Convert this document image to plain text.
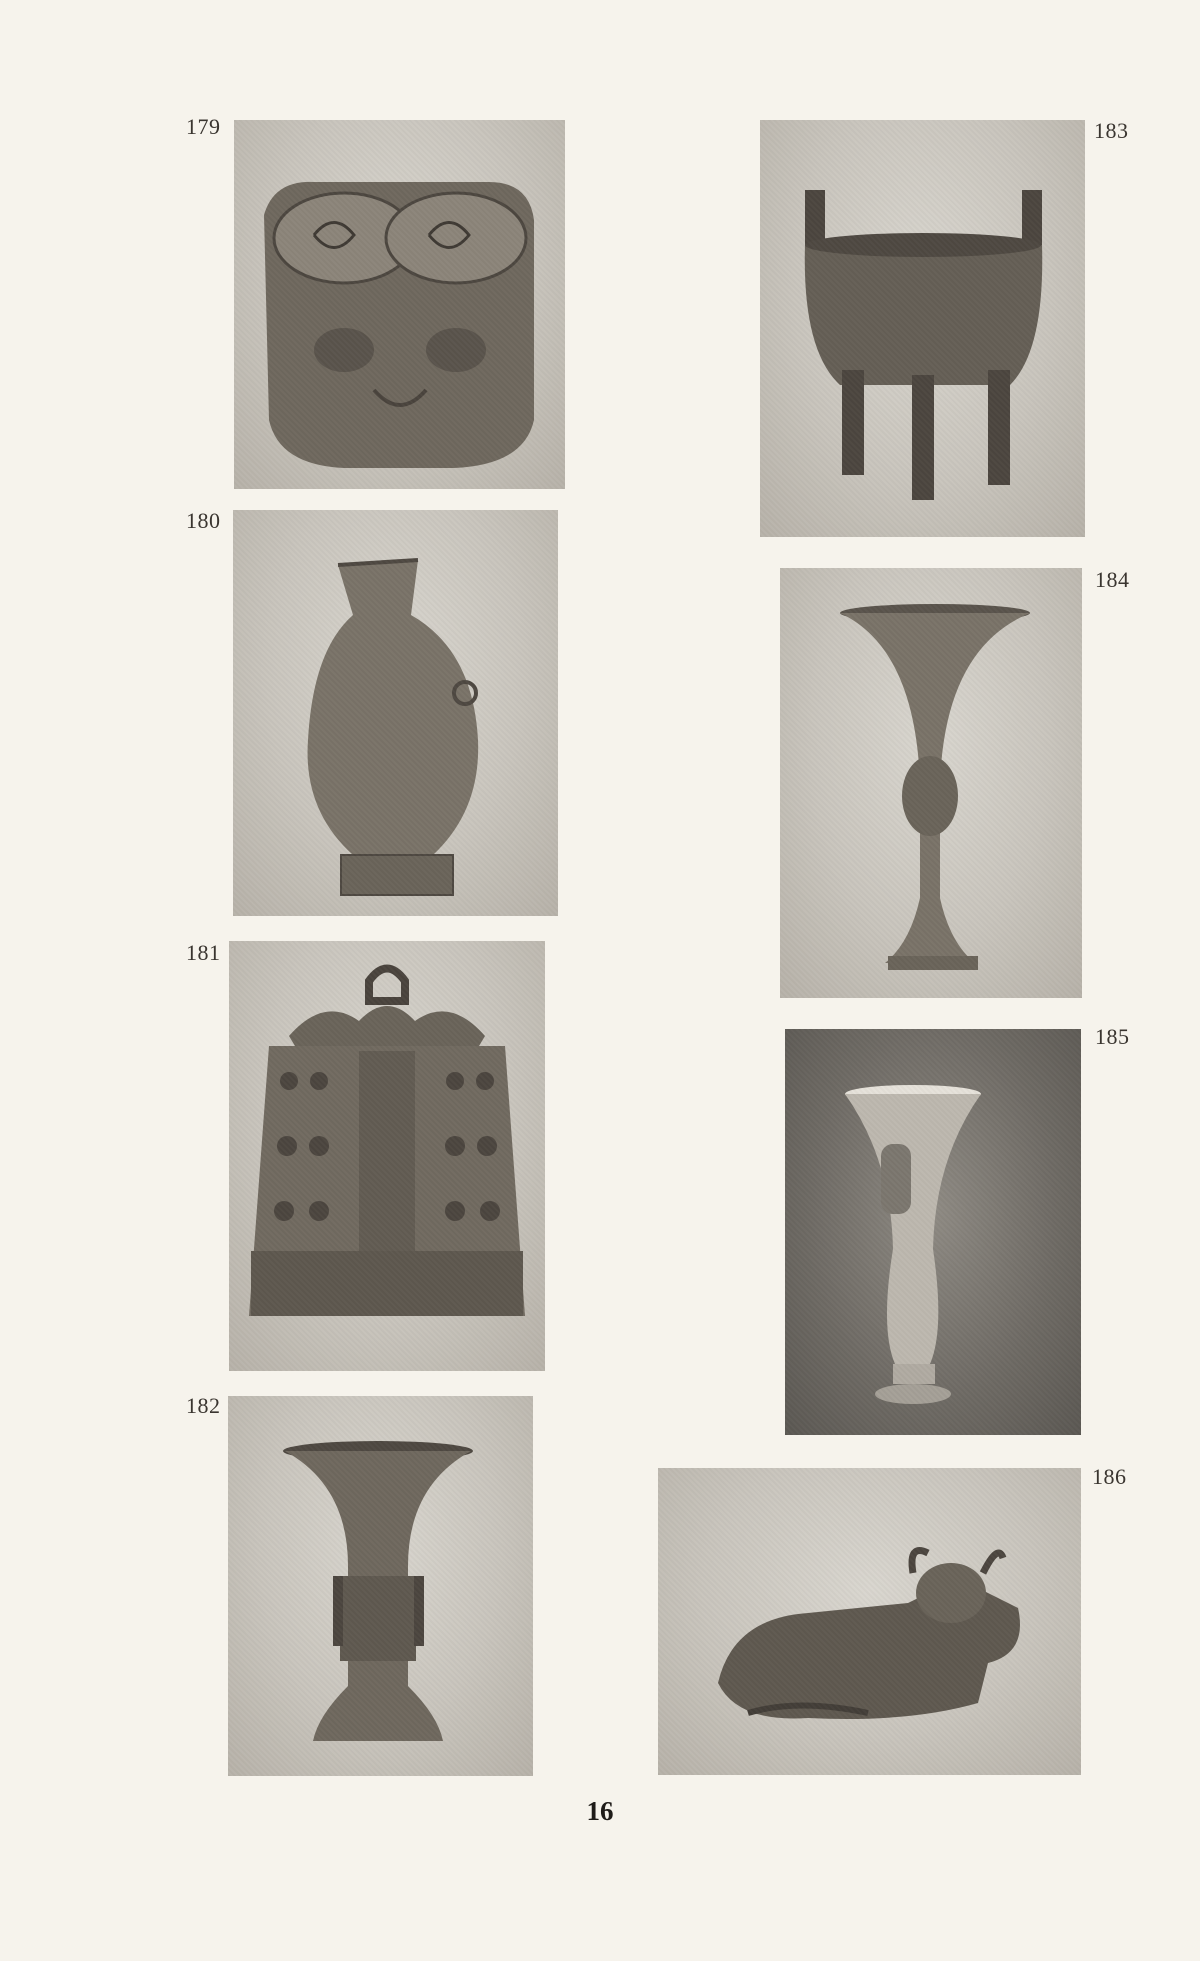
179
180
181
182
183
184
185
186
16
